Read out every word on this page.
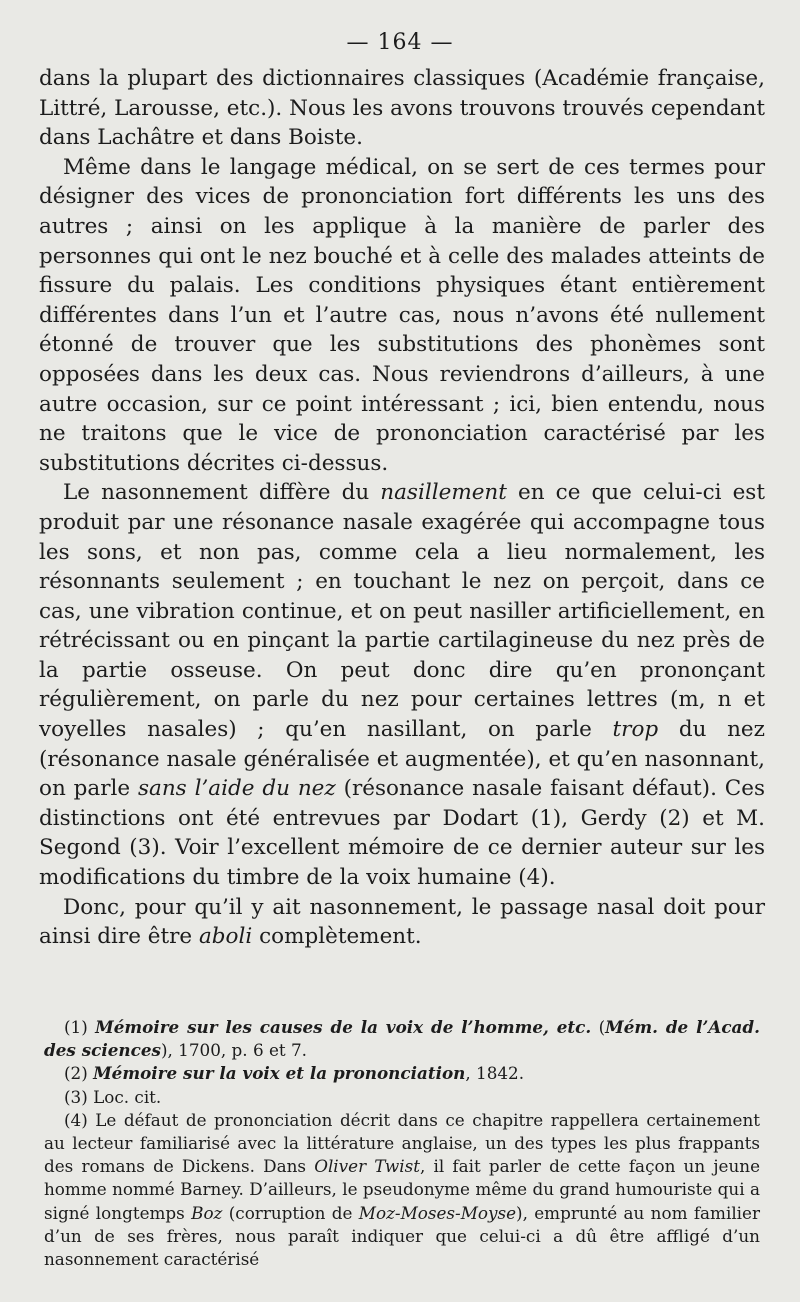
— 164 —

dans la plupart des dictionnaires classiques (Académie française, Littré, Larousse, etc.). Nous les avons trouvons trouvés cependant dans Lachâtre et dans Boiste.

Même dans le langage médical, on se sert de ces termes pour désigner des vices de prononciation fort différents les uns des autres ; ainsi on les applique à la manière de parler des personnes qui ont le nez bouché et à celle des malades atteints de fissure du palais. Les conditions physiques étant entièrement différentes dans l’un et l’autre cas, nous n’avons été nullement étonné de trouver que les substitutions des phonèmes sont opposées dans les deux cas. Nous reviendrons d’ailleurs, à une autre occasion, sur ce point intéressant ; ici, bien entendu, nous ne traitons que le vice de prononciation caractérisé par les substitutions décrites ci-dessus.

Le nasonnement diffère du nasillement en ce que celui-ci est produit par une résonance nasale exagérée qui accompagne tous les sons, et non pas, comme cela a lieu normalement, les résonnants seulement ; en touchant le nez on perçoit, dans ce cas, une vibration continue, et on peut nasiller artificiellement, en rétrécissant ou en pinçant la partie cartilagineuse du nez près de la partie osseuse. On peut donc dire qu’en prononçant régulièrement, on parle du nez pour certaines lettres (m, n et voyelles nasales) ; qu’en nasillant, on parle trop du nez (résonance nasale généralisée et augmentée), et qu’en nasonnant, on parle sans l’aide du nez (résonance nasale faisant défaut). Ces distinctions ont été entrevues par Dodart (1), Gerdy (2) et M. Segond (3). Voir l’excellent mémoire de ce dernier auteur sur les modifications du timbre de la voix humaine (4).

Donc, pour qu’il y ait nasonnement, le passage nasal doit pour ainsi dire être aboli complètement.

(1) Mémoire sur les causes de la voix de l’homme, etc. (Mém. de l’Acad. des sciences), 1700, p. 6 et 7.

(2) Mémoire sur la voix et la prononciation, 1842.

(3) Loc. cit.

(4) Le défaut de prononciation décrit dans ce chapitre rappellera certainement au lecteur familiarisé avec la littérature anglaise, un des types les plus frappants des romans de Dickens. Dans Oliver Twist, il fait parler de cette façon un jeune homme nommé Barney. D’ailleurs, le pseudonyme même du grand humouriste qui a signé longtemps Boz (corruption de Moz-Moses-Moyse), emprunté au nom familier d’un de ses frères, nous paraît indiquer que celui-ci a dû être affligé d’un nasonnement caractérisé
